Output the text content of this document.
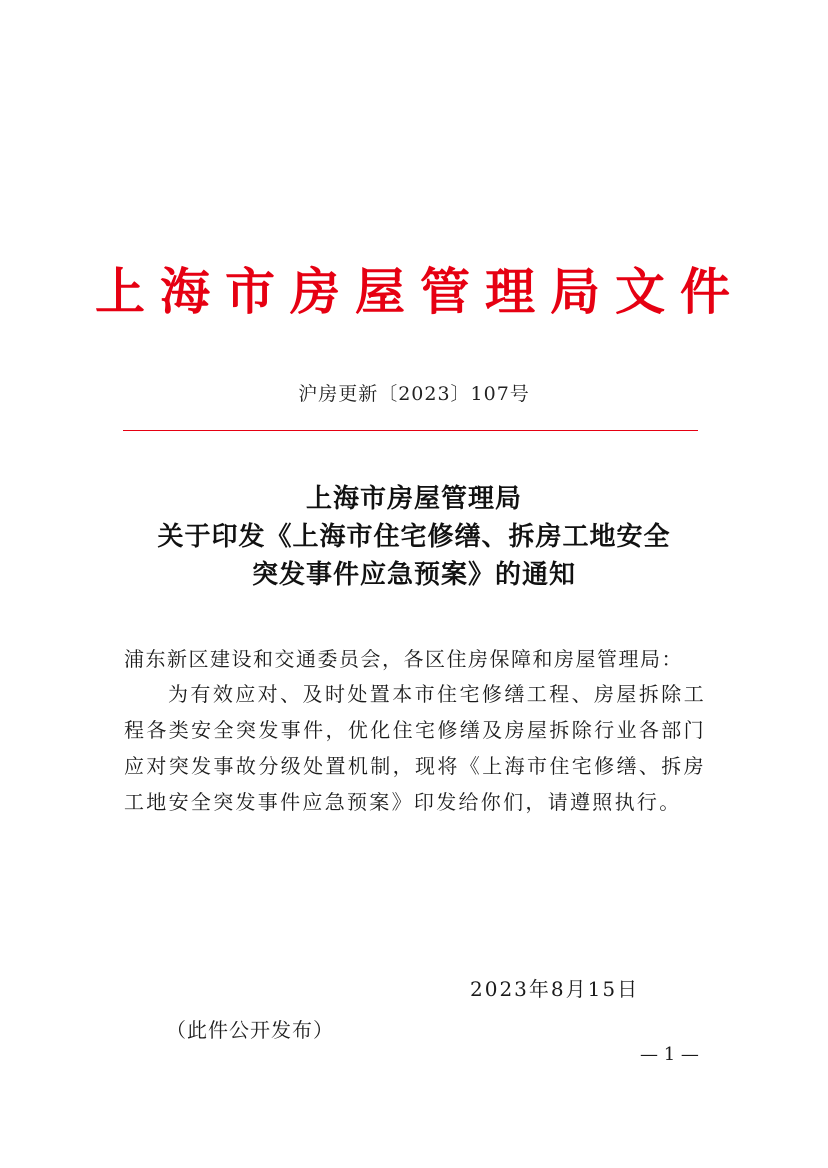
上海市房屋管理局文件
沪房更新〔2023〕107号
上海市房屋管理局
关于印发《上海市住宅修缮、拆房工地安全
突发事件应急预案》的通知
浦东新区建设和交通委员会，各区住房保障和房屋管理局：
为有效应对、及时处置本市住宅修缮工程、房屋拆除工程各类安全突发事件，优化住宅修缮及房屋拆除行业各部门应对突发事故分级处置机制，现将《上海市住宅修缮、拆房工地安全突发事件应急预案》印发给你们，请遵照执行。
2023年8月15日
（此件公开发布）
— 1 —
